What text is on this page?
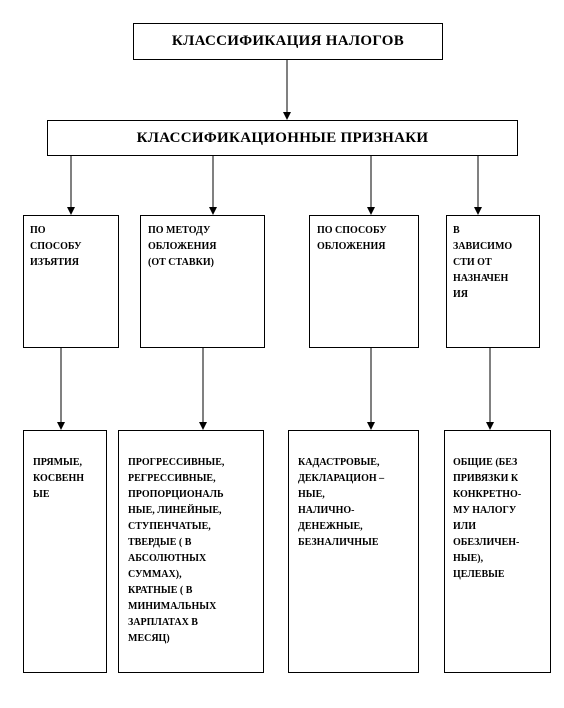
КЛАССИФИКАЦИЯ НАЛОГОВ
КЛАССИФИКАЦИОННЫЕ ПРИЗНАКИ
ПО
СПОСОБУ
ИЗЪЯТИЯ
ПО МЕТОДУ
ОБЛОЖЕНИЯ
(ОТ СТАВКИ)
ПО СПОСОБУ
ОБЛОЖЕНИЯ
В
ЗАВИСИМО
СТИ ОТ
НАЗНАЧЕН
ИЯ
ПРЯМЫЕ,
КОСВЕНН
ЫЕ
ПРОГРЕССИВНЫЕ,
РЕГРЕССИВНЫЕ,
ПРОПОРЦИОНАЛЬ
НЫЕ, ЛИНЕЙНЫЕ,
СТУПЕНЧАТЫЕ,
ТВЕРДЫЕ ( В
АБСОЛЮТНЫХ
СУММАХ),
КРАТНЫЕ ( В
МИНИМАЛЬНЫХ
ЗАРПЛАТАХ В
МЕСЯЦ)
КАДАСТРОВЫЕ,
ДЕКЛАРАЦИОН –
НЫЕ,
НАЛИЧНО-
ДЕНЕЖНЫЕ,
БЕЗНАЛИЧНЫЕ
ОБЩИЕ (БЕЗ
ПРИВЯЗКИ К
КОНКРЕТНО-
МУ НАЛОГУ
ИЛИ
ОБЕЗЛИЧЕН-
НЫЕ),
ЦЕЛЕВЫЕ
